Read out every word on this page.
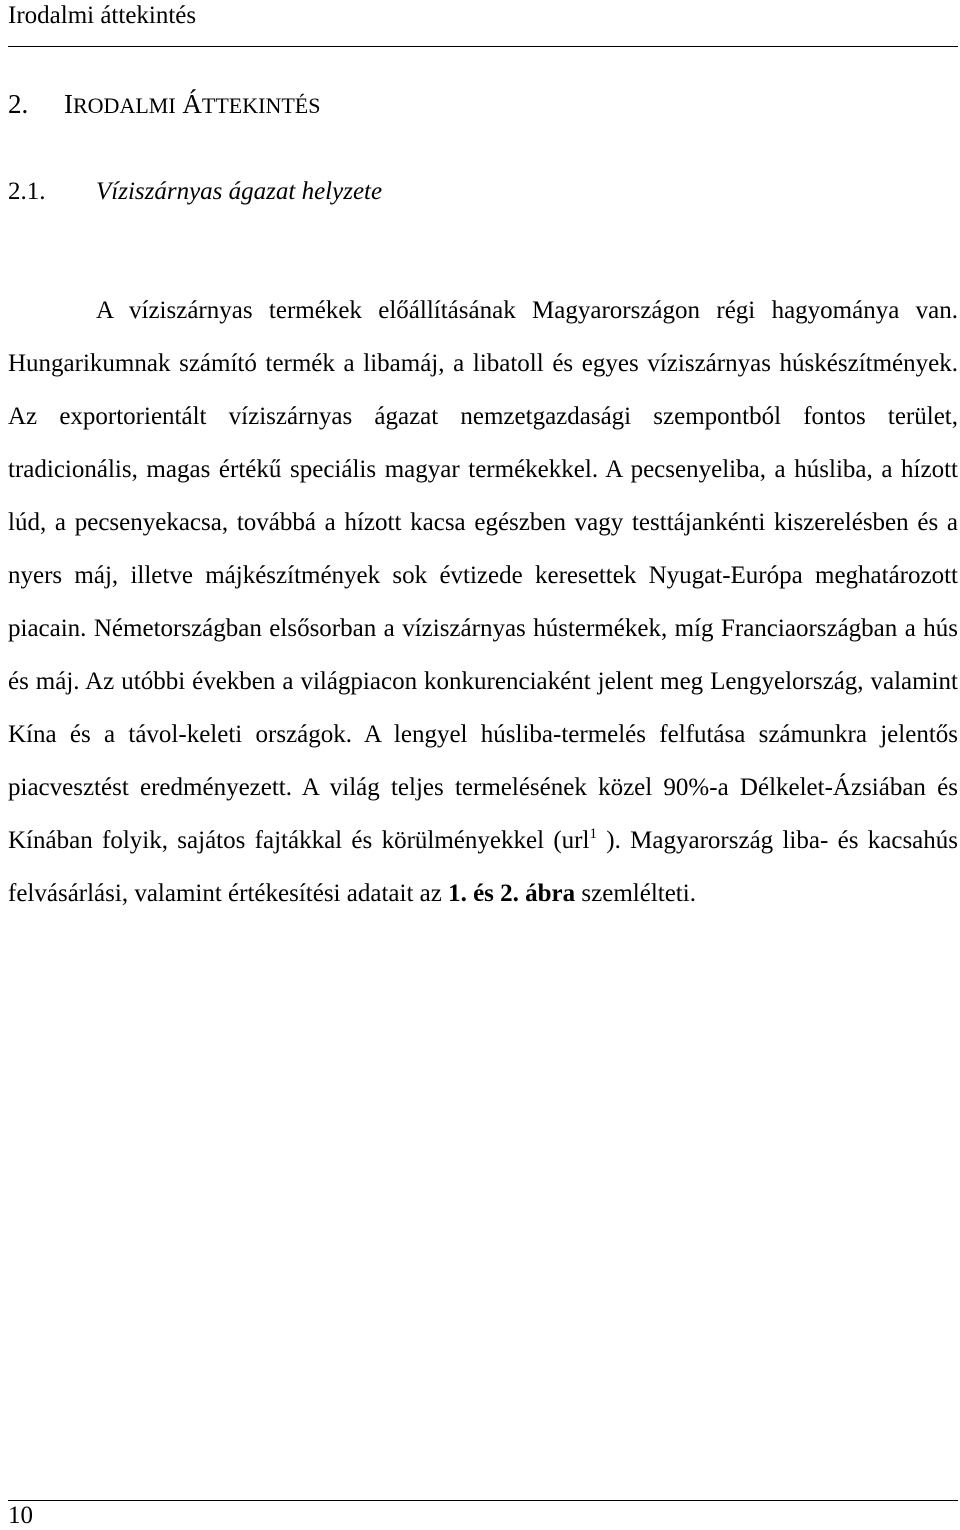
Irodalmi áttekintés
2. IRODALMI ÁTTEKINTÉS
2.1. Víziszárnyas ágazat helyzete

A víziszárnyas termékek előállításának Magyarországon régi hagyománya van. Hungarikumnak számító termék a libamáj, a libatoll és egyes víziszárnyas húskészítmények. Az exportorientált víziszárnyas ágazat nemzetgazdasági szempontból fontos terület, tradicionális, magas értékű speciális magyar termékekkel. A pecsenyeliba, a húsliba, a hízott lúd, a pecsenyekacsa, továbbá a hízott kacsa egészben vagy testtájankénti kiszerelésben és a nyers máj, illetve májkészítmények sok évtizede keresettek Nyugat-Európa meghatározott piacain. Németországban elsősorban a víziszárnyas hústermékek, míg Franciaországban a hús és máj. Az utóbbi években a világpiacon konkurenciaként jelent meg Lengyelország, valamint Kína és a távol-keleti országok. A lengyel húsliba-termelés felfutása számunkra jelentős piacvesztést eredményezett. A világ teljes termelésének közel 90%-a Délkelet-Ázsiában és Kínában folyik, sajátos fajtákkal és körülményekkel (url$^1$ ). Magyarország liba- és kacsahús felvásárlási, valamint értékesítési adatait az 1. és 2. ábra szemlélteti.

10
